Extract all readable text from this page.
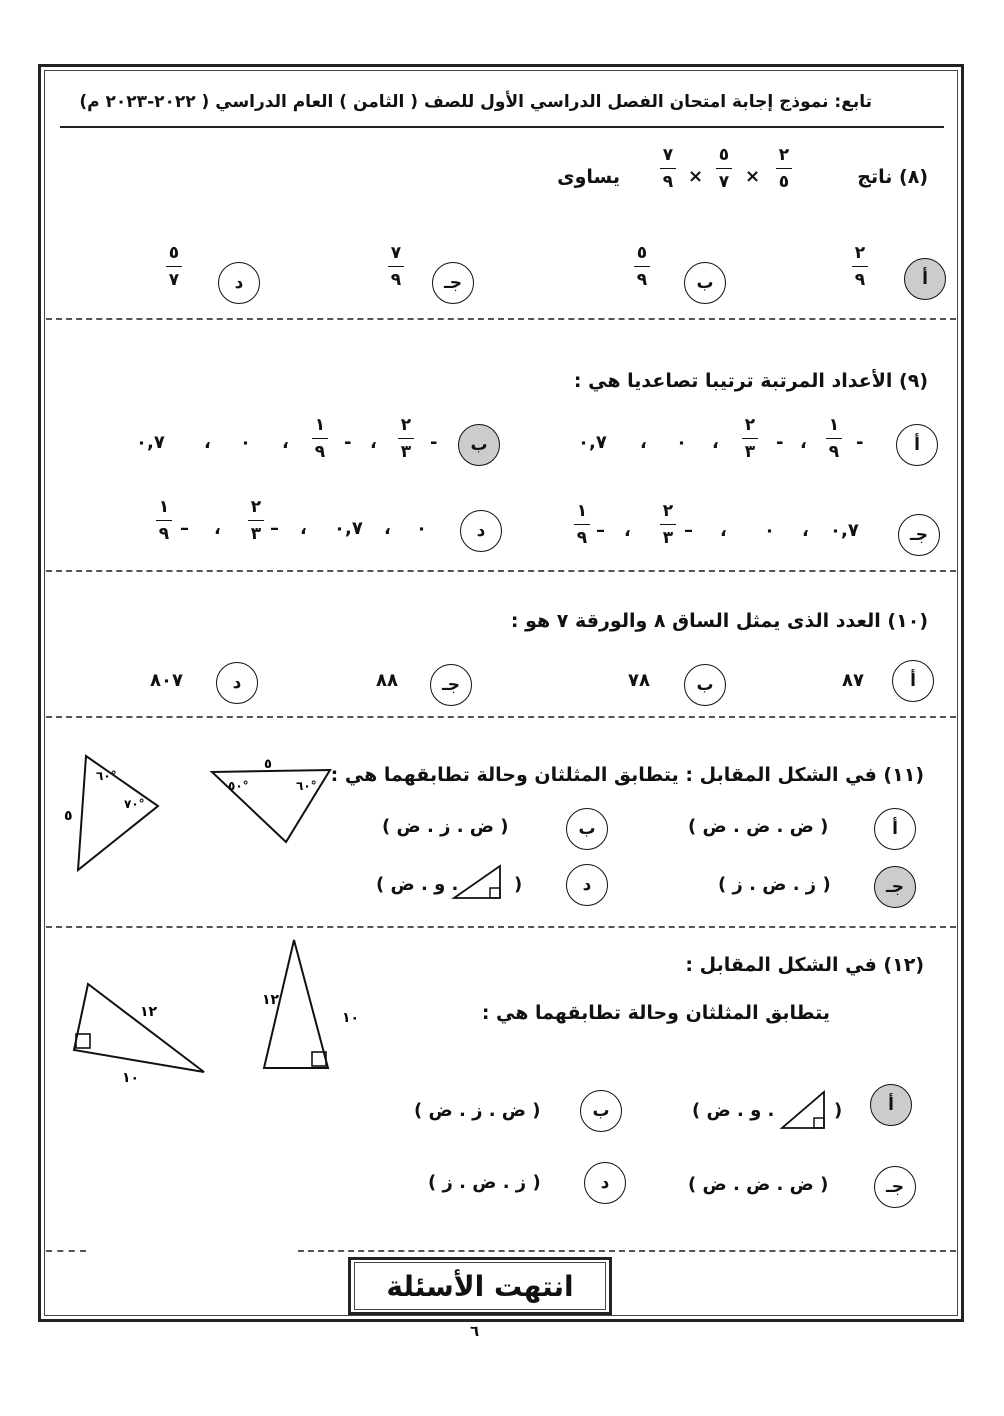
تابع: نموذج إجابة امتحان الفصل الدراسي الأول للصف ( الثامن ) العام الدراسي ( ٢٠٢٢-٢٠٢٣ م)
(٨) ناتج
٢
٥
×
٥
٧
×
٧
٩
يساوى
أ
٢
٩
ب
٥
٩
جـ
٧
٩
د
٥
٧
(٩) الأعداد المرتبة ترتيبا تصاعديا هي :
أ
-
١
٩
،
-
٢
٣
،
٠
،
٠,٧
ب
-
٢
٣
،
-
١
٩
،
٠
،
٠,٧
جـ
٠,٧
،
٠
،
٢
٣ –
،
١
٩ –
د
٠
،
٠,٧
،
٢
٣ –
،
١
٩ –
(١٠) العدد الذى يمثل الساق ٨ والورقة ٧ هو :
أ
٨٧
ب
٧٨
جـ
٨٨
د
٨٠٧
(١١) في الشكل المقابل : يتطابق المثلثان وحالة تطابقهما هي :
٦٠°
٧٠°
٥
٥
٥٠°	٦٠°
أ
( ض . ض . ض )
ب
( ض . ز . ض )
جـ
( ز . ض . ز )
د
(
. و . ض )
(١٢) في الشكل المقابل :
يتطابق المثلثان وحالة تطابقهما هي :
١٢
١٠
١٢
١٠
أ
(
. و . ض )
ب
( ض . ز . ض )
جـ
( ض . ض . ض )
د
( ز . ض . ز )
انتهت الأسئلة
٦
